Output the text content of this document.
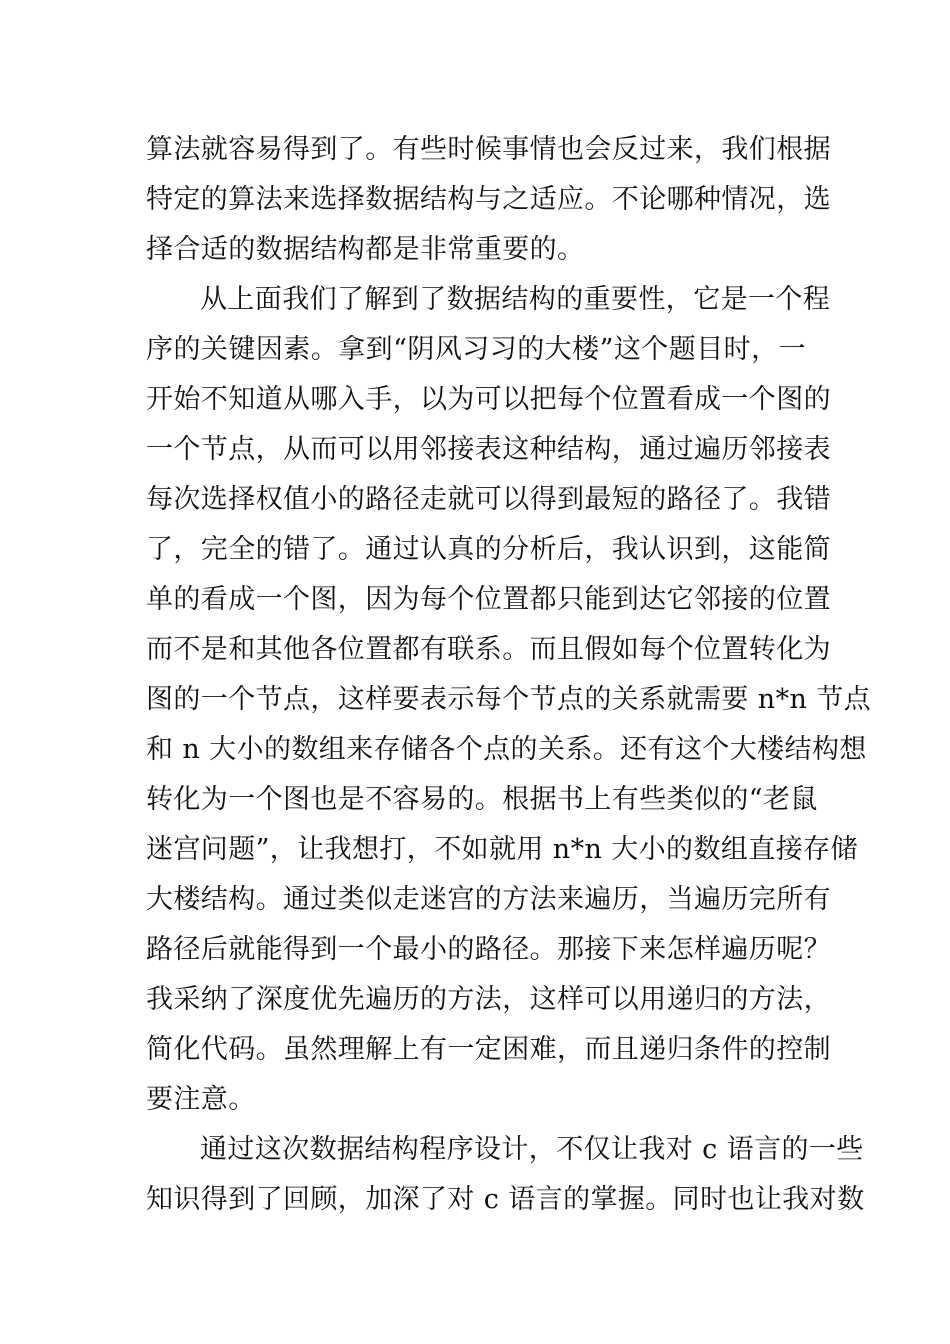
算法就容易得到了。有些时候事情也会反过来，我们根据
特定的算法来选择数据结构与之适应。不论哪种情况，选
择合适的数据结构都是非常重要的。
从上面我们了解到了数据结构的重要性，它是一个程
序的关键因素。拿到“阴风习习的大楼”这个题目时，一
开始不知道从哪入手，以为可以把每个位置看成一个图的
一个节点，从而可以用邻接表这种结构，通过遍历邻接表
每次选择权值小的路径走就可以得到最短的路径了。我错
了，完全的错了。通过认真的分析后，我认识到，这能简
单的看成一个图，因为每个位置都只能到达它邻接的位置
而不是和其他各位置都有联系。而且假如每个位置转化为
图的一个节点，这样要表示每个节点的关系就需要 n*n 节点
和 n 大小的数组来存储各个点的关系。还有这个大楼结构想
转化为一个图也是不容易的。根据书上有些类似的“老鼠
迷宫问题”，让我想打，不如就用 n*n 大小的数组直接存储
大楼结构。通过类似走迷宫的方法来遍历，当遍历完所有
路径后就能得到一个最小的路径。那接下来怎样遍历呢？
我采纳了深度优先遍历的方法，这样可以用递归的方法，
简化代码。虽然理解上有一定困难，而且递归条件的控制
要注意。
通过这次数据结构程序设计，不仅让我对 c 语言的一些
知识得到了回顾，加深了对 c 语言的掌握。同时也让我对数
